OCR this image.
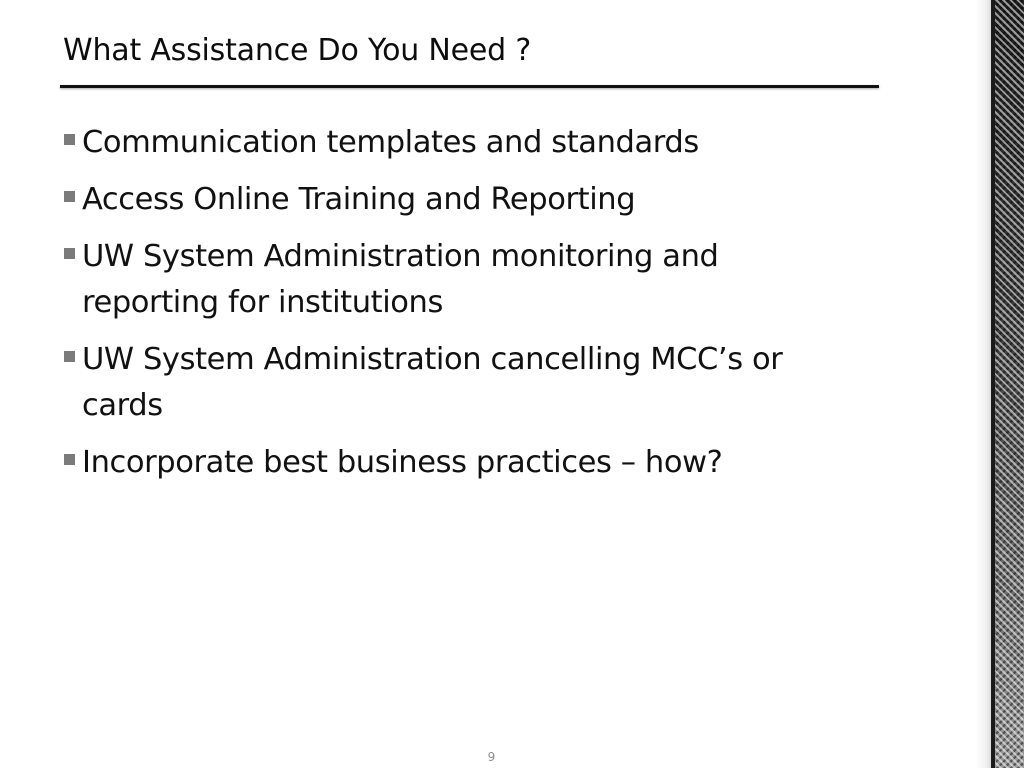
What Assistance Do You Need ?
Communication templates and standards
Access Online Training and Reporting
UW System Administration monitoring and reporting for institutions
UW System Administration cancelling MCC’s or cards
Incorporate best business practices – how?
9
